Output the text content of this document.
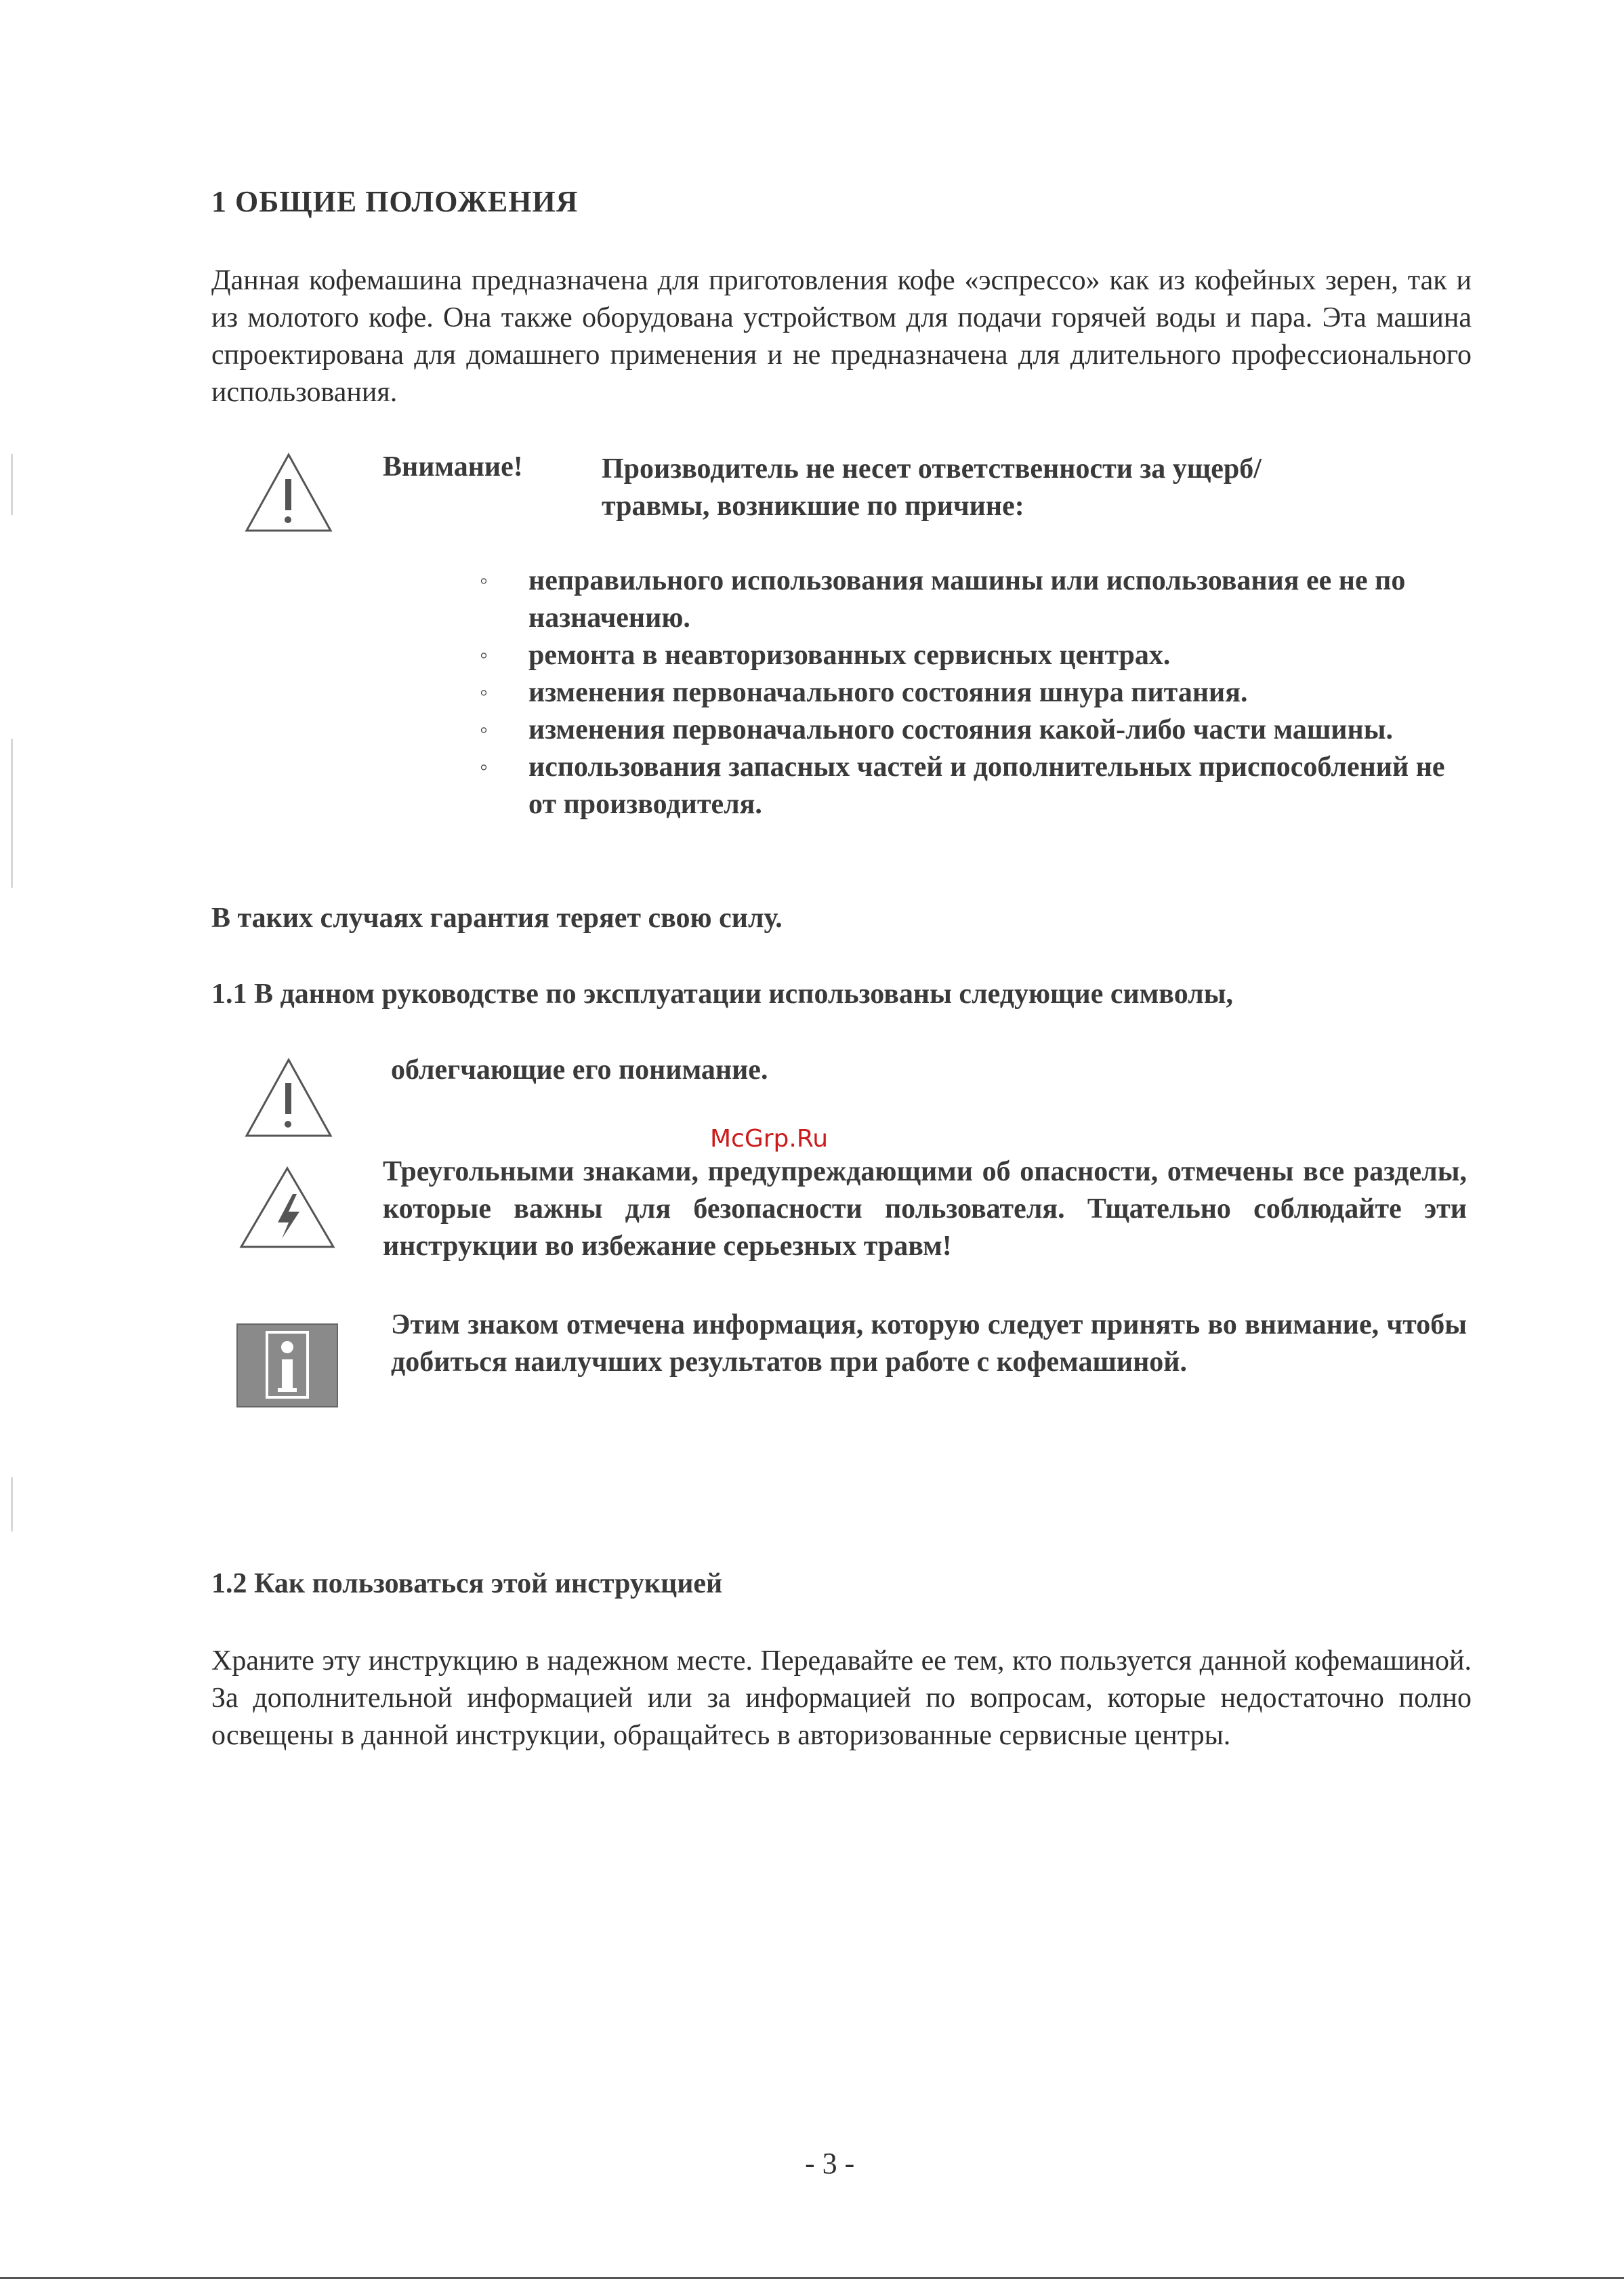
1 ОБЩИЕ ПОЛОЖЕНИЯ
Данная кофемашина предназначена для приготовления кофе «эспрессо» как из кофейных зерен, так и из молотого кофе. Она также оборудована устройством для подачи горячей воды и пара. Эта машина спроектирована для домашнего применения и не предназначена для длительного профессионального использования.
Внимание!	Производитель не несет ответственности за ущерб/травмы, возникшие по причине:
◦ неправильного использования машины или использования ее не по назначению.
◦ ремонта в неавторизованных сервисных центрах.
◦ изменения первоначального состояния шнура питания.
◦ изменения первоначального состояния какой-либо части машины.
◦ использования запасных частей и дополнительных приспособлений не от производителя.
В таких случаях гарантия теряет свою силу.
1.1 В данном руководстве по эксплуатации использованы следующие символы,
облегчающие его понимание.
McGrp.Ru
Треугольными знаками, предупреждающими об опасности, отмечены все разделы, которые важны для безопасности пользователя. Тщательно соблюдайте эти инструкции во избежание серьезных травм!
Этим знаком отмечена информация, которую следует принять во внимание, чтобы добиться наилучших результатов при работе с кофемашиной.
1.2 Как пользоваться этой инструкцией
Храните эту инструкцию в надежном месте. Передавайте ее тем, кто пользуется данной кофемашиной. За дополнительной информацией или за информацией по вопросам, которые недостаточно полно освещены в данной инструкции, обращайтесь в авторизованные сервисные центры.
- 3 -
